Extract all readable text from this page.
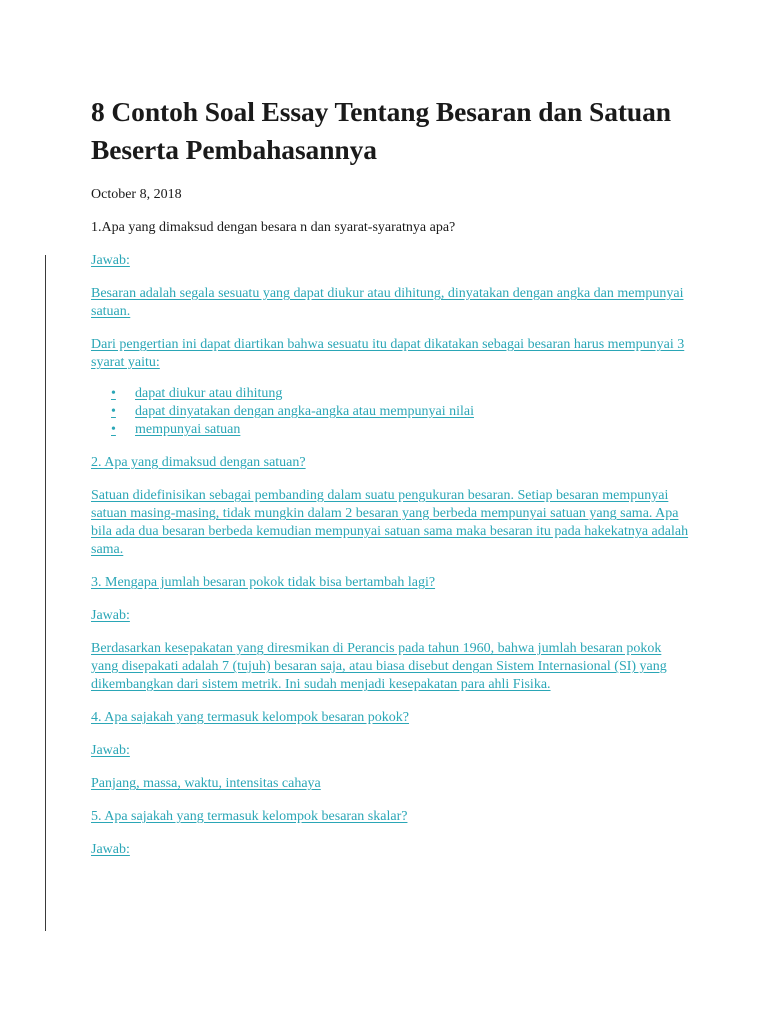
8 Contoh Soal Essay Tentang Besaran dan Satuan Beserta Pembahasannya

October 8, 2018

1.Apa yang dimaksud dengan besara n dan syarat-syaratnya apa?

Jawab:

Besaran adalah segala sesuatu yang dapat diukur atau dihitung, dinyatakan dengan angka dan mempunyai satuan.

Dari pengertian ini dapat diartikan bahwa sesuatu itu dapat dikatakan sebagai besaran harus mempunyai 3 syarat yaitu:

•	dapat diukur atau dihitung
•	dapat dinyatakan dengan angka-angka atau mempunyai nilai
•	mempunyai satuan

2. Apa yang dimaksud dengan satuan?

Satuan didefinisikan sebagai pembanding dalam suatu pengukuran besaran. Setiap besaran mempunyai satuan masing-masing, tidak mungkin dalam 2 besaran yang berbeda mempunyai satuan yang sama. Apa bila ada dua besaran berbeda kemudian mempunyai satuan sama maka besaran itu pada hakekatnya adalah sama.

3. Mengapa jumlah besaran pokok tidak bisa bertambah lagi?

Jawab:

Berdasarkan kesepakatan yang diresmikan di Perancis pada tahun 1960, bahwa jumlah besaran pokok yang disepakati adalah 7 (tujuh) besaran saja, atau biasa disebut dengan Sistem Internasional (SI) yang dikembangkan dari sistem metrik. Ini sudah menjadi kesepakatan para ahli Fisika.

4. Apa sajakah yang termasuk kelompok besaran pokok?

Jawab:

Panjang, massa, waktu, intensitas cahaya

5. Apa sajakah yang termasuk kelompok besaran skalar?

Jawab:
